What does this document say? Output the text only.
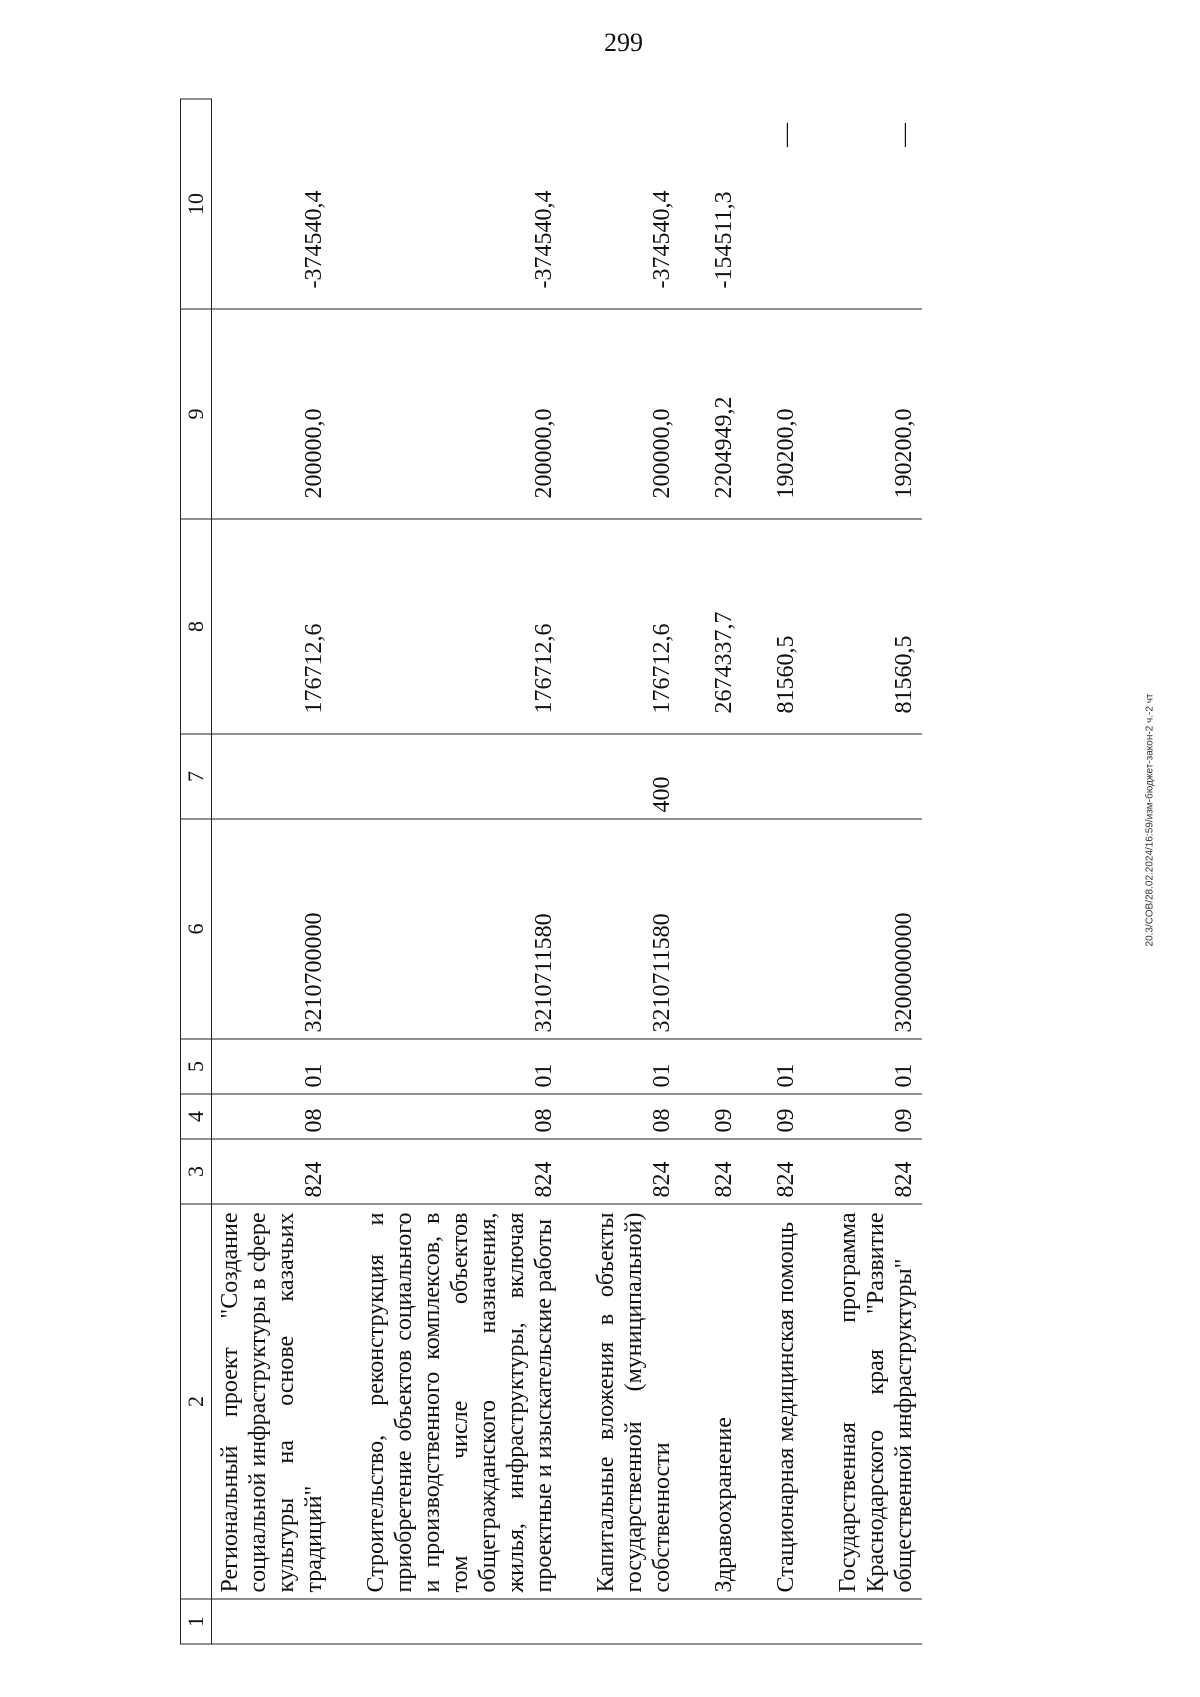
299
20.3/СОВ/28.02.2024/16:59/изм-бюджет-закон-2 ч.-2 чт
1	2	3	4	5	6	7	8	9	10
	Региональный проект "Создание социальной инфраструктуры в сфере культуры на основе казачьих традиций"	824	08	01	3210700000		176712,6	200000,0	-374540,4

	Строительство, реконструкция и приобретение объектов социального и производственного комплексов, в том числе объектов общегражданского назначения, жилья, инфраструктуры, включая проектные и изыскательские работы	824	08	01	3210711580		176712,6	200000,0	-374540,4

	Капитальные вложения в объекты государственной (муниципальной) собственности	824	08	01	3210711580	400	176712,6	200000,0	-374540,4

	Здравоохранение	824	09				2674337,7	2204949,2	-154511,3

	Стационарная медицинская помощь	824	09	01			81560,5	190200,0	—

	Государственная программа Краснодарского края "Развитие общественной инфраструктуры"	824	09	01	3200000000		81560,5	190200,0	—
